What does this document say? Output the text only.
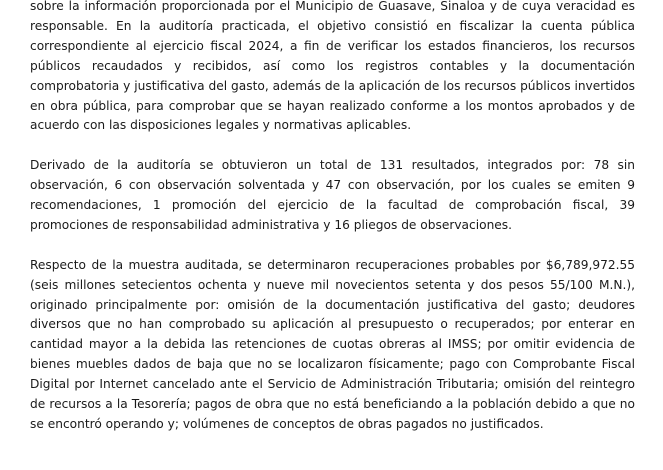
sobre la información proporcionada por el Municipio de Guasave, Sinaloa y de cuya veracidad es responsable. En la auditoría practicada, el objetivo consistió en fiscalizar la cuenta pública correspondiente al ejercicio fiscal 2024, a fin de verificar los estados financieros, los recursos públicos recaudados y recibidos, así como los registros contables y la documentación comprobatoria y justificativa del gasto, además de la aplicación de los recursos públicos invertidos en obra pública, para comprobar que se hayan realizado conforme a los montos aprobados y de acuerdo con las disposiciones legales y normativas aplicables.

Derivado de la auditoría se obtuvieron un total de 131 resultados, integrados por: 78 sin observación, 6 con observación solventada y 47 con observación, por los cuales se emiten 9 recomendaciones, 1 promoción del ejercicio de la facultad de comprobación fiscal, 39 promociones de responsabilidad administrativa y 16 pliegos de observaciones.

Respecto de la muestra auditada, se determinaron recuperaciones probables por $6,789,972.55 (seis millones setecientos ochenta y nueve mil novecientos setenta y dos pesos 55/100 M.N.), originado principalmente por: omisión de la documentación justificativa del gasto; deudores diversos que no han comprobado su aplicación al presupuesto o recuperados; por enterar en cantidad mayor a la debida las retenciones de cuotas obreras al IMSS; por omitir evidencia de bienes muebles dados de baja que no se localizaron físicamente; pago con Comprobante Fiscal Digital por Internet cancelado ante el Servicio de Administración Tributaria; omisión del reintegro de recursos a la Tesorería; pagos de obra que no está beneficiando a la población debido a que no se encontró operando y; volúmenes de conceptos de obras pagados no justificados.
